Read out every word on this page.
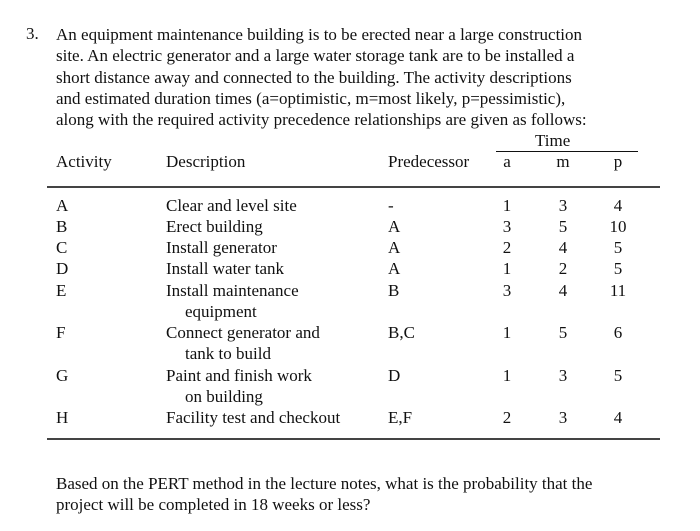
3. An equipment maintenance building is to be erected near a large construction
site. An electric generator and a large water storage tank are to be installed a
short distance away and connected to the building. The activity descriptions
and estimated duration times (a=optimistic, m=most likely, p=pessimistic),
along with the required activity precedence relationships are given as follows:
Time
Activity	Description	Predecessor	a	m	p
A	Clear and level site	-	1	3	4
B	Erect building	A	3	5	10
C	Install generator	A	2	4	5
D	Install water tank	A	1	2	5
E	Install maintenance	B	3	4	11
equipment
F	Connect generator and	B,C	1	5	6
tank to build
G	Paint and finish work	D	1	3	5
on building
H	Facility test and checkout	E,F	2	3	4
Based on the PERT method in the lecture notes, what is the probability that the
project will be completed in 18 weeks or less?
